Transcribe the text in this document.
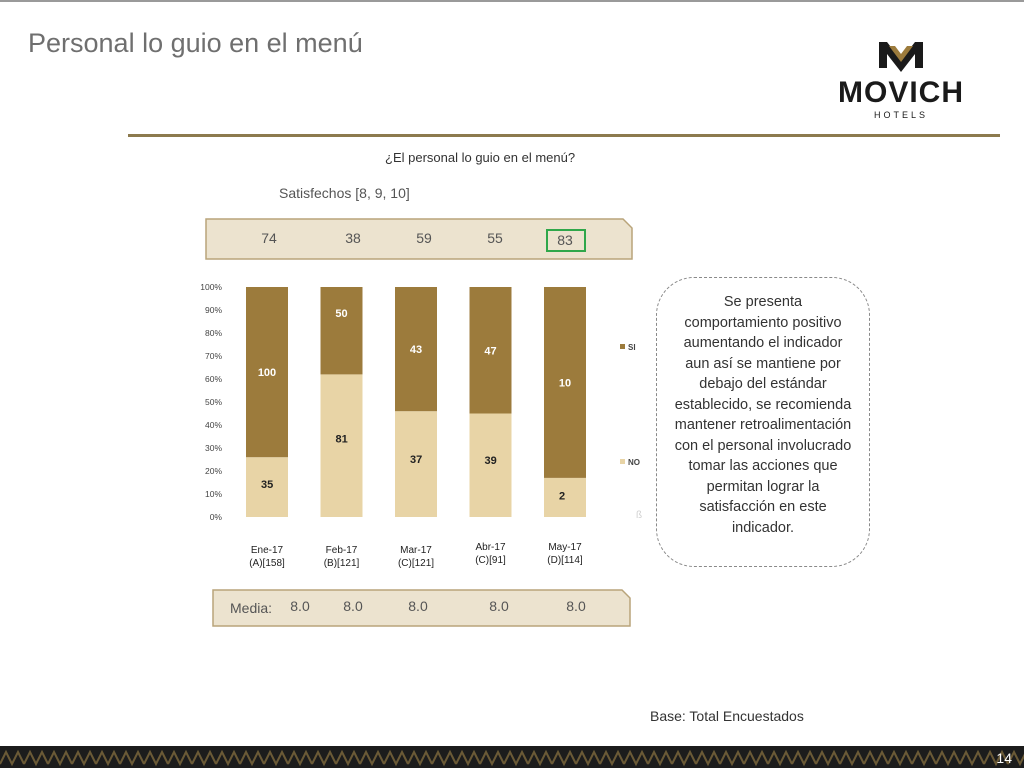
Personal lo guio en el menú
MOVICH
HOTELS
¿El personal lo guio en el menú?
Satisfechos [8, 9, 10]
74	38	59	55	83
0%
10%
20%
30%
40%
50%
60%
70%
80%
90%
100%
100
35
50
81
43
37
47
39
10
2
SI
NO
Ene-17
(A)[158]
Feb-17
(B)[121]
Mar-17
(C)[121]
Abr-17
(C)[91]
May-17
(D)[114]
Media: 8.0 8.0	8.0	8.0	8.0
Se presenta comportamiento positivo aumentando el indicador aun así se mantiene por debajo del estándar establecido, se recomienda mantener retroalimentación con el personal involucrado tomar las acciones que permitan lograr la satisfacción en este indicador.
ß
Base: Total Encuestados
14
